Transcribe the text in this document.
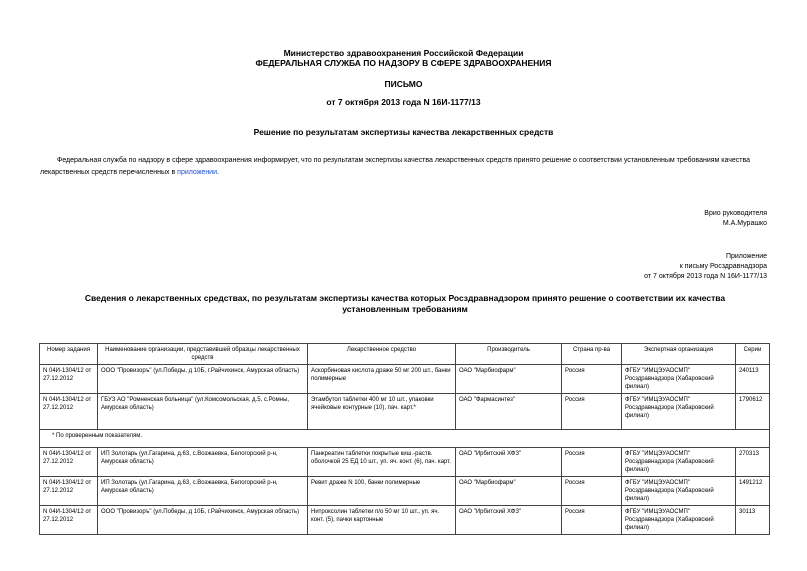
Министерство здравоохранения Российской Федерации
ФЕДЕРАЛЬНАЯ СЛУЖБА ПО НАДЗОРУ В СФЕРЕ ЗДРАВООХРАНЕНИЯ
ПИСЬМО
от 7 октября 2013 года N 16И-1177/13
Решение по результатам экспертизы качества лекарственных средств
Федеральная служба по надзору в сфере здравоохранения информирует, что по результатам экспертизы качества лекарственных средств принято решение о соответствии установленным требованиям качества лекарственных средств перечисленных в приложении.
Врио руководителя
М.А.Мурашко
Приложение
к письму Росздравнадзора
от 7 октября 2013 года N 16И-1177/13
Сведения о лекарственных средствах, по результатам экспертизы качества которых Росздравнадзором принято решение о соответствии их качества установленным требованиям
Номер задания	Наименование организации, представившей образцы лекарственных средств	Лекарственное средство	Производитель	Страна пр-ва	Экспертная организация	Серии
N 04И-1304/12 от 27.12.2012	ООО "Провизоръ" (ул.Победы, д 10Б, г.Райчихинск, Амурская область)	Аскорбиновая кислота драже 50 мг 200 шт., банки полимерные	ОАО "Марбиофарм"	Россия	ФГБУ "ИМЦЭУАОСМП" Росздравнадзора (Хабаровский филиал)	240113
N 04И-1304/12 от 27.12.2012	ГБУЗ АО "Ромненская больница" (ул.Комсомольская, д.5, с.Ромны, Амурская область)	Этамбутол таблетки 400 мг 10 шт., упаковки ячейковые контурные (10), пач. карт.*	ОАО "Фармасинтез"	Россия	ФГБУ "ИМЦЭУАОСМП" Росздравнадзора (Хабаровский филиал)	1790612
* По проверенным показателям.						
N 04И-1304/12 от 27.12.2012	ИП Золотарь (ул.Гагарина, д.63, с.Возжаевка, Белогорский р-н, Амурская область)	Панкреатин таблетки покрытые киш.-раств. оболочкой 25 ЕД 10 шт., уп. яч. конт. (6), пач. карт.	ОАО "Ирбитский ХФЗ"	Россия	ФГБУ "ИМЦЭУАОСМП" Росздравнадзора (Хабаровский филиал)	270313
N 04И-1304/12 от 27.12.2012	ИП Золотарь (ул.Гагарина, д.63, с.Возжаевка, Белогорский р-н, Амурская область)	Ревит драже N 100, банки полимерные	ОАО "Марбиофарм"	Россия	ФГБУ "ИМЦЭУАОСМП" Росздравнадзора (Хабаровский филиал)	1491212
N 04И-1304/12 от 27.12.2012	ООО "Провизоръ" (ул.Победы, д 10Б, г.Райчихинск, Амурская область)	Нитроксолин таблетки п/о 50 мг 10 шт., уп. яч. конт. (5), пачки картонные	ОАО "Ирбитский ХФЗ"	Россия	ФГБУ "ИМЦЭУАОСМП" Росздравнадзора (Хабаровский филиал)	30113
